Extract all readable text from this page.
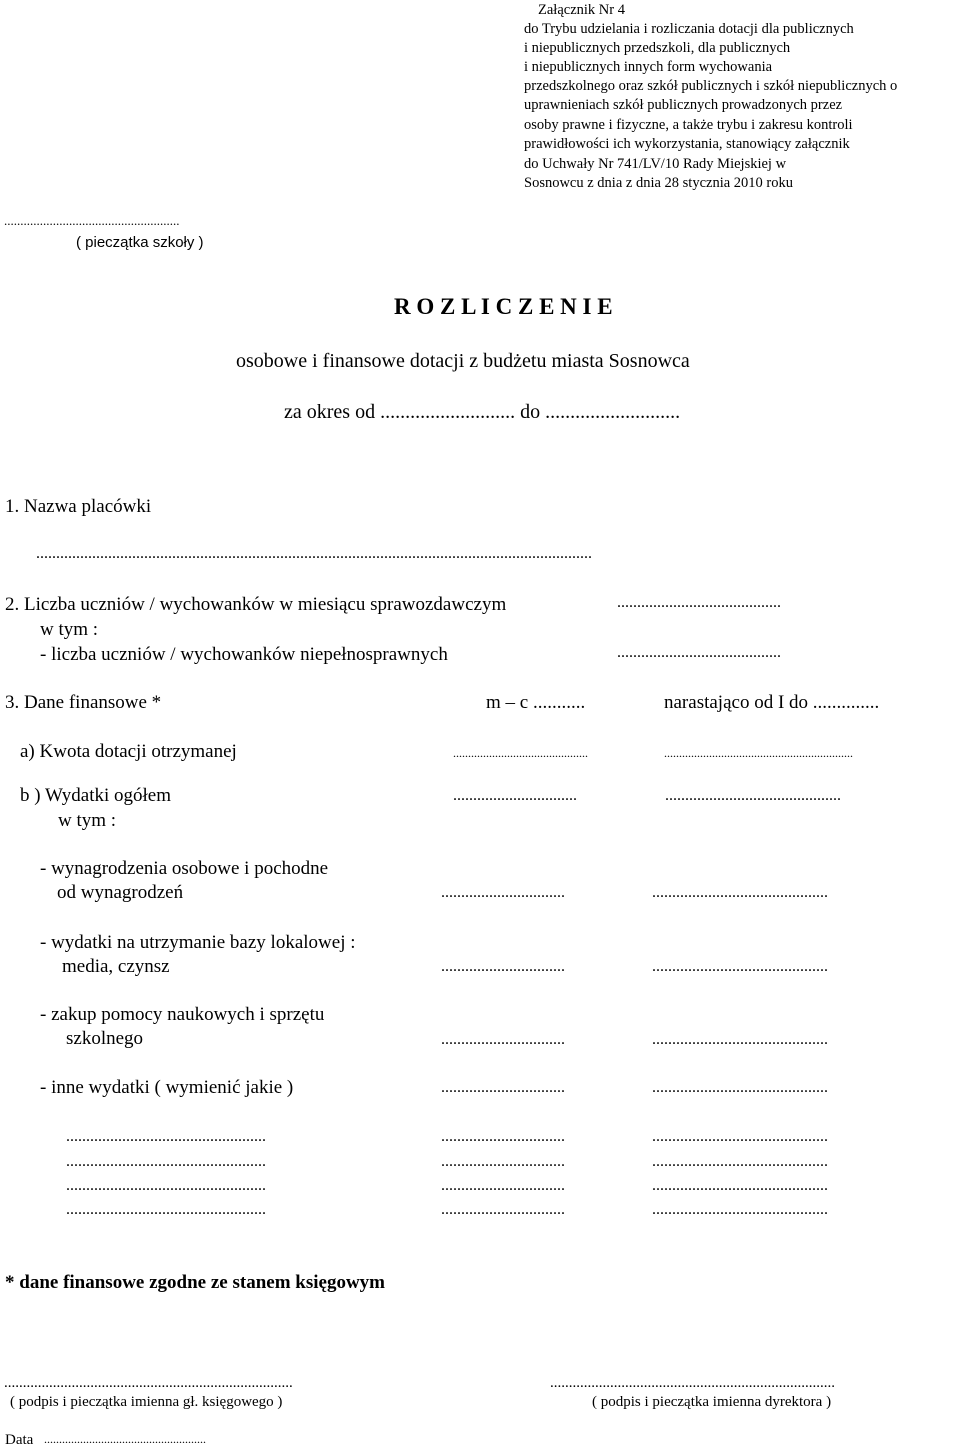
Załącznik Nr 4
do Trybu udzielania i rozliczania dotacji dla publicznych
i niepublicznych przedszkoli, dla publicznych
i niepublicznych innych form wychowania
przedszkolnego oraz szkół publicznych i szkół niepublicznych o
uprawnieniach szkół publicznych prowadzonych przez
osoby prawne i fizyczne, a także trybu i zakresu kontroli
prawidłowości ich wykorzystania, stanowiący załącznik
do Uchwały Nr 741/LV/10 Rady Miejskiej w
Sosnowcu z dnia z dnia 28 stycznia 2010 roku
......................................................
( pieczątka szkoły )
R O Z L I C Z E N I E
osobowe i finansowe dotacji z budżetu miasta Sosnowca
za okres od ........................... do ...........................
1. Nazwa placówki
...........................................................................................................................................
2. Liczba uczniów / wychowanków w miesiącu sprawozdawczym	.........................................
w tym :
- liczba uczniów / wychowanków niepełnosprawnych	.........................................
3. Dane finansowe *	m – c ...........	narastająco od I do ..............
a) Kwota dotacji otrzymanej	.............................................	...............................................................
b ) Wydatki ogółem	...............................	............................................
w tym :
- wynagrodzenia osobowe i pochodne
od wynagrodzeń	...............................	............................................
- wydatki na utrzymanie bazy lokalowej :
media, czynsz	...............................	............................................
- zakup pomocy naukowych i sprzętu
szkolnego	...............................	............................................
- inne wydatki ( wymienić jakie )	...............................	............................................
..................................................	...............................	............................................
..................................................	...............................	............................................
..................................................	...............................	............................................
..................................................	...............................	............................................
* dane finansowe zgodne ze stanem księgowym
.............................................................................
( podpis i pieczątka imienna gł. księgowego )
............................................................................
( podpis i pieczątka imienna dyrektora )
Data ......................................................
